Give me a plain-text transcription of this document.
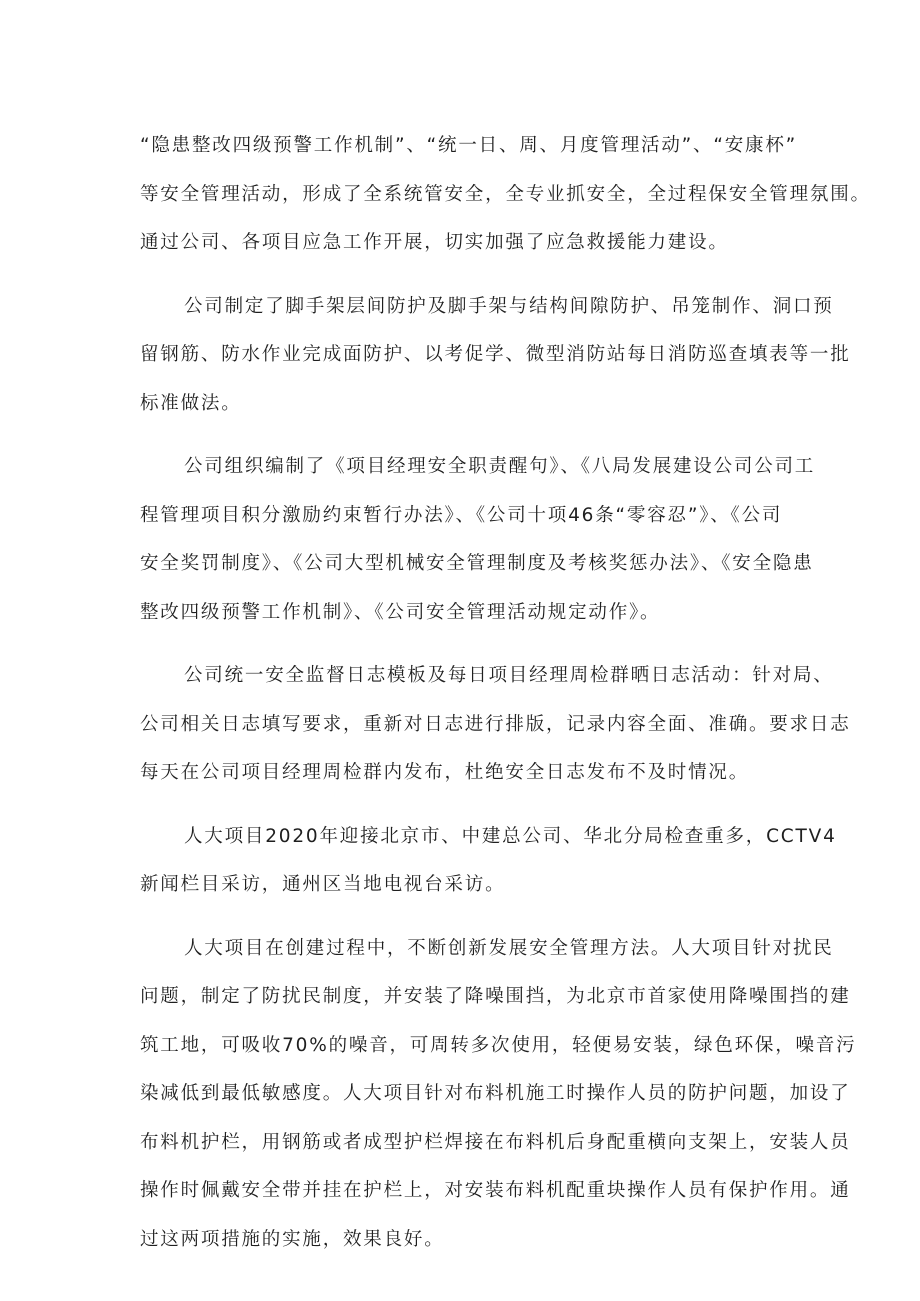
“隐患整改四级预警工作机制”、“统一日、周、月度管理活动”、“安康杯”
等安全管理活动，形成了全系统管安全，全专业抓安全，全过程保安全管理氛围。
通过公司、各项目应急工作开展，切实加强了应急救援能力建设。

公司制定了脚手架层间防护及脚手架与结构间隙防护、吊笼制作、洞口预
留钢筋、防水作业完成面防护、以考促学、微型消防站每日消防巡查填表等一批
标准做法。

公司组织编制了《项目经理安全职责醒句》、《八局发展建设公司公司工
程管理项目积分激励约束暂行办法》、《公司十项46条“零容忍”》、《公司
安全奖罚制度》、《公司大型机械安全管理制度及考核奖惩办法》、《安全隐患
整改四级预警工作机制》、《公司安全管理活动规定动作》。

公司统一安全监督日志模板及每日项目经理周检群晒日志活动：针对局、
公司相关日志填写要求，重新对日志进行排版，记录内容全面、准确。要求日志
每天在公司项目经理周检群内发布，杜绝安全日志发布不及时情况。

人大项目2020年迎接北京市、中建总公司、华北分局检查重多，CCTV4
新闻栏目采访，通州区当地电视台采访。

人大项目在创建过程中，不断创新发展安全管理方法。人大项目针对扰民
问题，制定了防扰民制度，并安装了降噪围挡，为北京市首家使用降噪围挡的建
筑工地，可吸收70%的噪音，可周转多次使用，轻便易安装，绿色环保，噪音污
染减低到最低敏感度。人大项目针对布料机施工时操作人员的防护问题，加设了
布料机护栏，用钢筋或者成型护栏焊接在布料机后身配重横向支架上，安装人员
操作时佩戴安全带并挂在护栏上，对安装布料机配重块操作人员有保护作用。通
过这两项措施的实施，效果良好。
